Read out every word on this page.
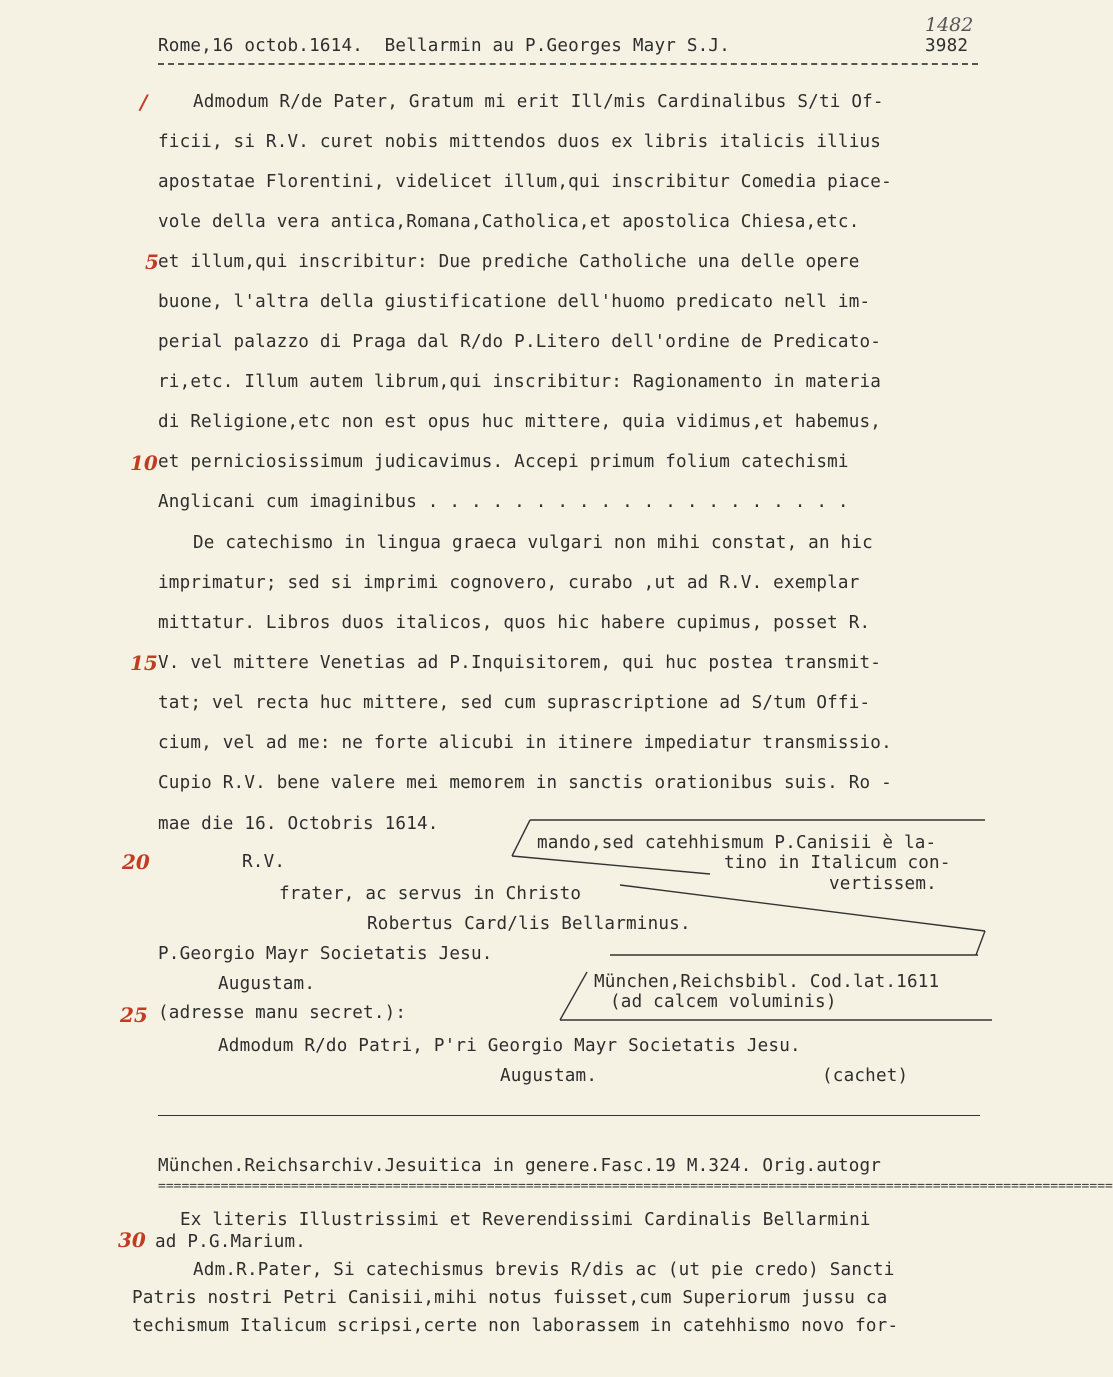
Rome,16 octob.1614.  Bellarmin au P.Georges Mayr S.J.	3982
1482
/
5
10
15
20
25
30
Admodum R/de Pater, Gratum mi erit Ill/mis Cardinalibus S/ti Of-
ficii, si R.V. curet nobis mittendos duos ex libris italicis illius
apostatae Florentini, videlicet illum,qui inscribitur Comedia piace-
vole della vera antica,Romana,Catholica,et apostolica Chiesa,etc.
et illum,qui inscribitur: Due prediche Catholiche una delle opere
buone, l'altra della giustificatione dell'huomo predicato nell im-
perial palazzo di Praga dal R/do P.Litero dell'ordine de Predicato-
ri,etc. Illum autem librum,qui inscribitur: Ragionamento in materia
di Religione,etc non est opus huc mittere, quia vidimus,et habemus,
et perniciosissimum judicavimus. Accepi primum folium catechismi
Anglicani cum imaginibus . . . . . . . . . . . . . . . . . . . .
De catechismo in lingua graeca vulgari non mihi constat, an hic
imprimatur; sed si imprimi cognovero, curabo ,ut ad R.V. exemplar
mittatur. Libros duos italicos, quos hic habere cupimus, posset R.
V. vel mittere Venetias ad P.Inquisitorem, qui huc postea transmit-
tat; vel recta huc mittere, sed cum suprascriptione ad S/tum Offi-
cium, vel ad me: ne forte alicubi in itinere impediatur transmissio.
Cupio R.V. bene valere mei memorem in sanctis orationibus suis. Ro -
mae die 16. Octobris 1614.
R.V.
frater, ac servus in Christo
Robertus Card/lis Bellarminus.
P.Georgio Mayr Societatis Jesu.
Augustam.
(adresse manu secret.):
Admodum R/do Patri, P'ri Georgio Mayr Societatis Jesu.
Augustam.	(cachet)
mando,sed catehhismum P.Canisii è la-
tino in Italicum con-
vertissem.
München,Reichsbibl. Cod.lat.1611
(ad calcem voluminis)
München.Reichsarchiv.Jesuitica in genere.Fasc.19 M.324. Orig.autogr
==========================================================================================================================
Ex literis Illustrissimi et Reverendissimi Cardinalis Bellarmini
ad P.G.Marium.
Adm.R.Pater, Si catechismus brevis R/dis ac (ut pie credo) Sancti
Patris nostri Petri Canisii,mihi notus fuisset,cum Superiorum jussu ca
techismum Italicum scripsi,certe non laborassem in catehhismo novo for-
